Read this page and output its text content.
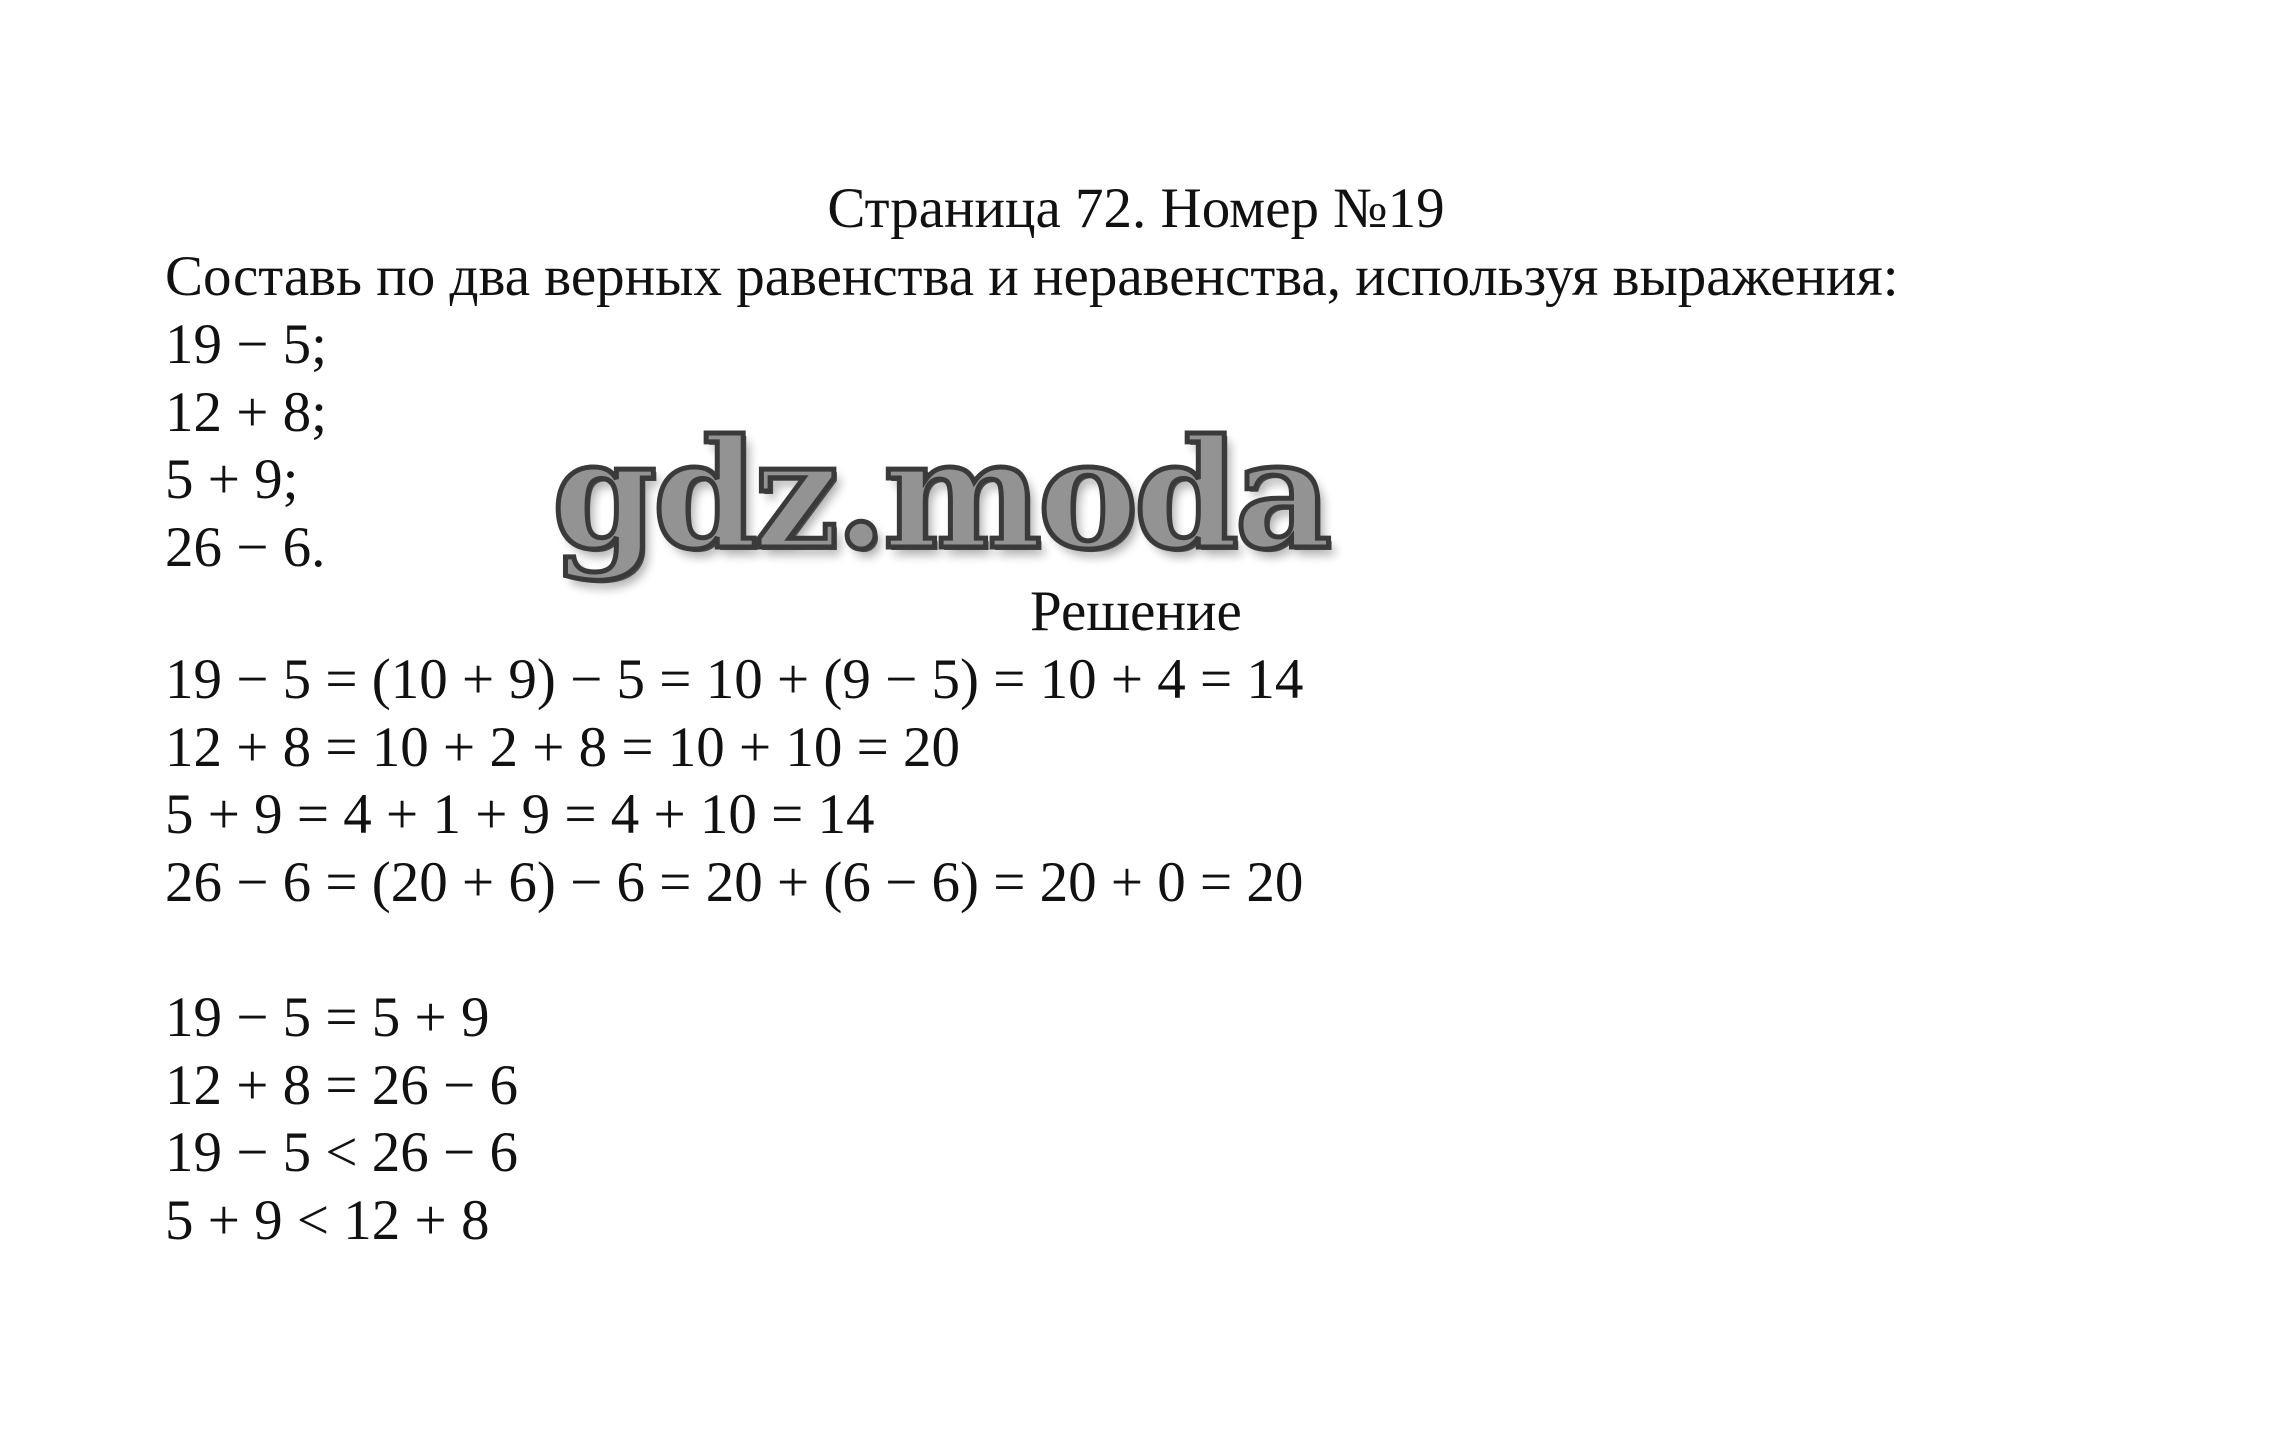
Страница 72. Номер №19
Составь по два верных равенства и неравенства, используя выражения:
19 − 5;
12 + 8;
5 + 9;
26 − 6. gdz.moda
Решение
19 − 5 = (10 + 9) − 5 = 10 + (9 − 5) = 10 + 4 = 14
12 + 8 = 10 + 2 + 8 = 10 + 10 = 20
5 + 9 = 4 + 1 + 9 = 4 + 10 = 14
26 − 6 = (20 + 6) − 6 = 20 + (6 − 6) = 20 + 0 = 20
19 − 5 = 5 + 9
12 + 8 = 26 − 6
19 − 5 < 26 − 6
5 + 9 < 12 + 8
